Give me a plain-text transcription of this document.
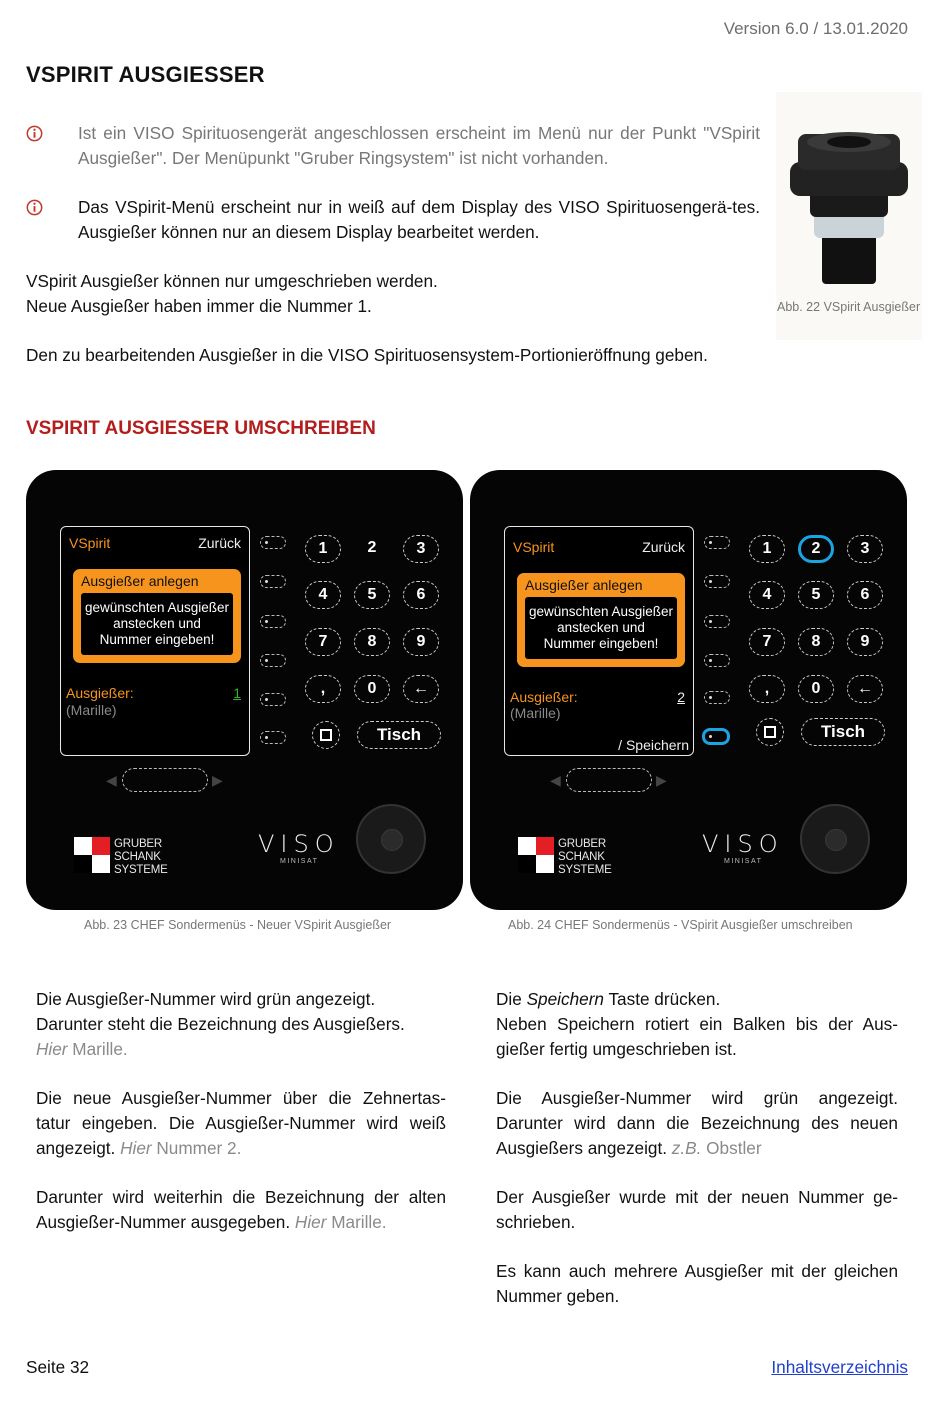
Version 6.0 / 13.01.2020
VSPIRIT AUSGIESSER
Ist ein VISO Spirituosengerät angeschlossen erscheint im Menü nur der Punkt "VSpirit Ausgießer". Der Menüpunkt "Gruber Ringsystem" ist nicht vorhanden.
Das VSpirit-Menü erscheint nur in weiß auf dem Display des VISO Spirituosengerä-tes. Ausgießer können nur an diesem Display bearbeitet werden.
VSpirit Ausgießer können nur umgeschrieben werden.
Neue Ausgießer haben immer die Nummer 1.
Den zu bearbeitenden Ausgießer in die VISO Spirituosensystem-Portionieröffnung geben.
Abb. 22 VSpirit Ausgießer
VSPIRIT AUSGIESSER UMSCHREIBEN
VSpirit	Zurück
Ausgießer anlegen
gewünschten Ausgießer
anstecken und
Nummer eingeben!
Ausgießer:	1
(Marille)
1	2	3
4	5	6
7	8	9
,	0	←
Tisch
◀	▶
GRUBER
SCHANK
SYSTEME
VISO
MINISAT
Abb. 23 CHEF Sondermenüs - Neuer VSpirit Ausgießer
VSpirit	Zurück
Ausgießer anlegen
gewünschten Ausgießer
anstecken und
Nummer eingeben!
Ausgießer:	2
(Marille)
/ Speichern
1	2	3
4	5	6
7	8	9
,	0	←
Tisch
◀	▶
GRUBER
SCHANK
SYSTEME
VISO
MINISAT
Abb. 24 CHEF Sondermenüs - VSpirit Ausgießer umschreiben

Die Ausgießer-Nummer wird grün angezeigt.
Darunter steht die Bezeichnung des Ausgießers.
Hier Marille.

Die neue Ausgießer-Nummer über die Zehnertas-tatur eingeben. Die Ausgießer-Nummer wird weiß angezeigt. Hier Nummer 2.

Darunter wird weiterhin die Bezeichnung der alten Ausgießer-Nummer ausgegeben. Hier Marille.

Die Speichern Taste drücken.
Neben Speichern rotiert ein Balken bis der Aus-gießer fertig umgeschrieben ist.

Die Ausgießer-Nummer wird grün angezeigt. Darunter wird dann die Bezeichnung des neuen Ausgießers angezeigt. z.B. Obstler

Der Ausgießer wurde mit der neuen Nummer ge-schrieben.

Es kann auch mehrere Ausgießer mit der gleichen Nummer geben.

Seite 32	Inhaltsverzeichnis
